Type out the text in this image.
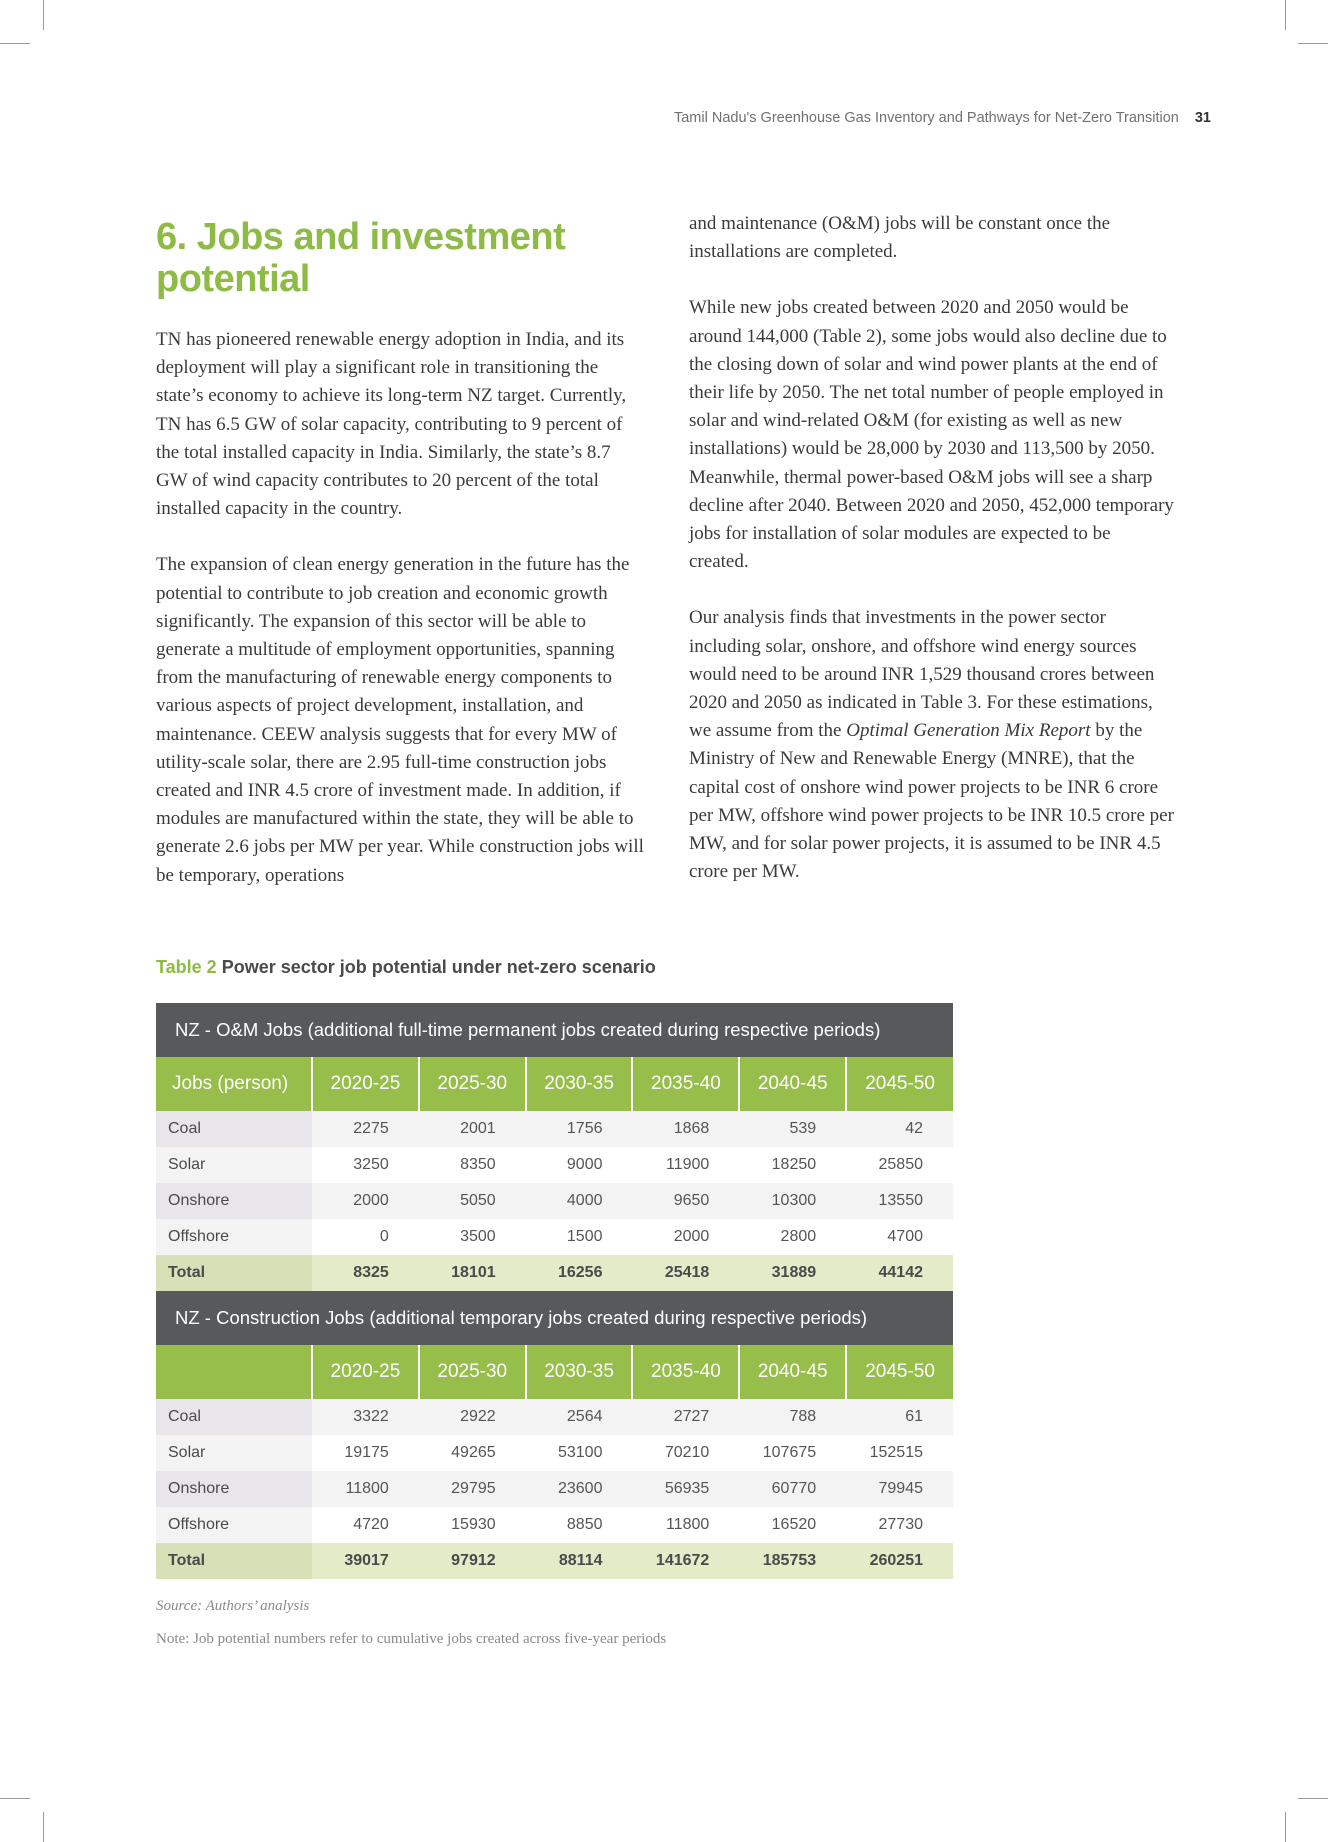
Tamil Nadu's Greenhouse Gas Inventory and Pathways for Net-Zero Transition 31
6. Jobs and investment potential

TN has pioneered renewable energy adoption in India, and its deployment will play a significant role in transitioning the state’s economy to achieve its long-term NZ target. Currently, TN has 6.5 GW of solar capacity, contributing to 9 percent of the total installed capacity in India. Similarly, the state’s 8.7 GW of wind capacity contributes to 20 percent of the total installed capacity in the country.

The expansion of clean energy generation in the future has the potential to contribute to job creation and economic growth significantly. The expansion of this sector will be able to generate a multitude of employment opportunities, spanning from the manufacturing of renewable energy components to various aspects of project development, installation, and maintenance. CEEW analysis suggests that for every MW of utility-scale solar, there are 2.95 full-time construction jobs created and INR 4.5 crore of investment made. In addition, if modules are manufactured within the state, they will be able to generate 2.6 jobs per MW per year. While construction jobs will be temporary, operations

and maintenance (O&M) jobs will be constant once the installations are completed.

While new jobs created between 2020 and 2050 would be around 144,000 (Table 2), some jobs would also decline due to the closing down of solar and wind power plants at the end of their life by 2050. The net total number of people employed in solar and wind-related O&M (for existing as well as new installations) would be 28,000 by 2030 and 113,500 by 2050. Meanwhile, thermal power-based O&M jobs will see a sharp decline after 2040. Between 2020 and 2050, 452,000 temporary jobs for installation of solar modules are expected to be created.

Our analysis finds that investments in the power sector including solar, onshore, and offshore wind energy sources would need to be around INR 1,529 thousand crores between 2020 and 2050 as indicated in Table 3. For these estimations, we assume from the Optimal Generation Mix Report by the Ministry of New and Renewable Energy (MNRE), that the capital cost of onshore wind power projects to be INR 6 crore per MW, offshore wind power projects to be INR 10.5 crore per MW, and for solar power projects, it is assumed to be INR 4.5 crore per MW.

Table 2 Power sector job potential under net-zero scenario
NZ - O&M Jobs (additional full-time permanent jobs created during respective periods)						
Jobs (person)	2020-25	2025-30	2030-35	2035-40	2040-45	2045-50
Coal	2275	2001	1756	1868	539	42
Solar	3250	8350	9000	11900	18250	25850
Onshore	2000	5050	4000	9650	10300	13550
Offshore	0	3500	1500	2000	2800	4700
Total	8325	18101	16256	25418	31889	44142
NZ - Construction Jobs (additional temporary jobs created during respective periods)						
	2020-25	2025-30	2030-35	2035-40	2040-45	2045-50
Coal	3322	2922	2564	2727	788	61
Solar	19175	49265	53100	70210	107675	152515
Onshore	11800	29795	23600	56935	60770	79945
Offshore	4720	15930	8850	11800	16520	27730
Total	39017	97912	88114	141672	185753	260251
Source: Authors’ analysis
Note: Job potential numbers refer to cumulative jobs created across five-year periods
